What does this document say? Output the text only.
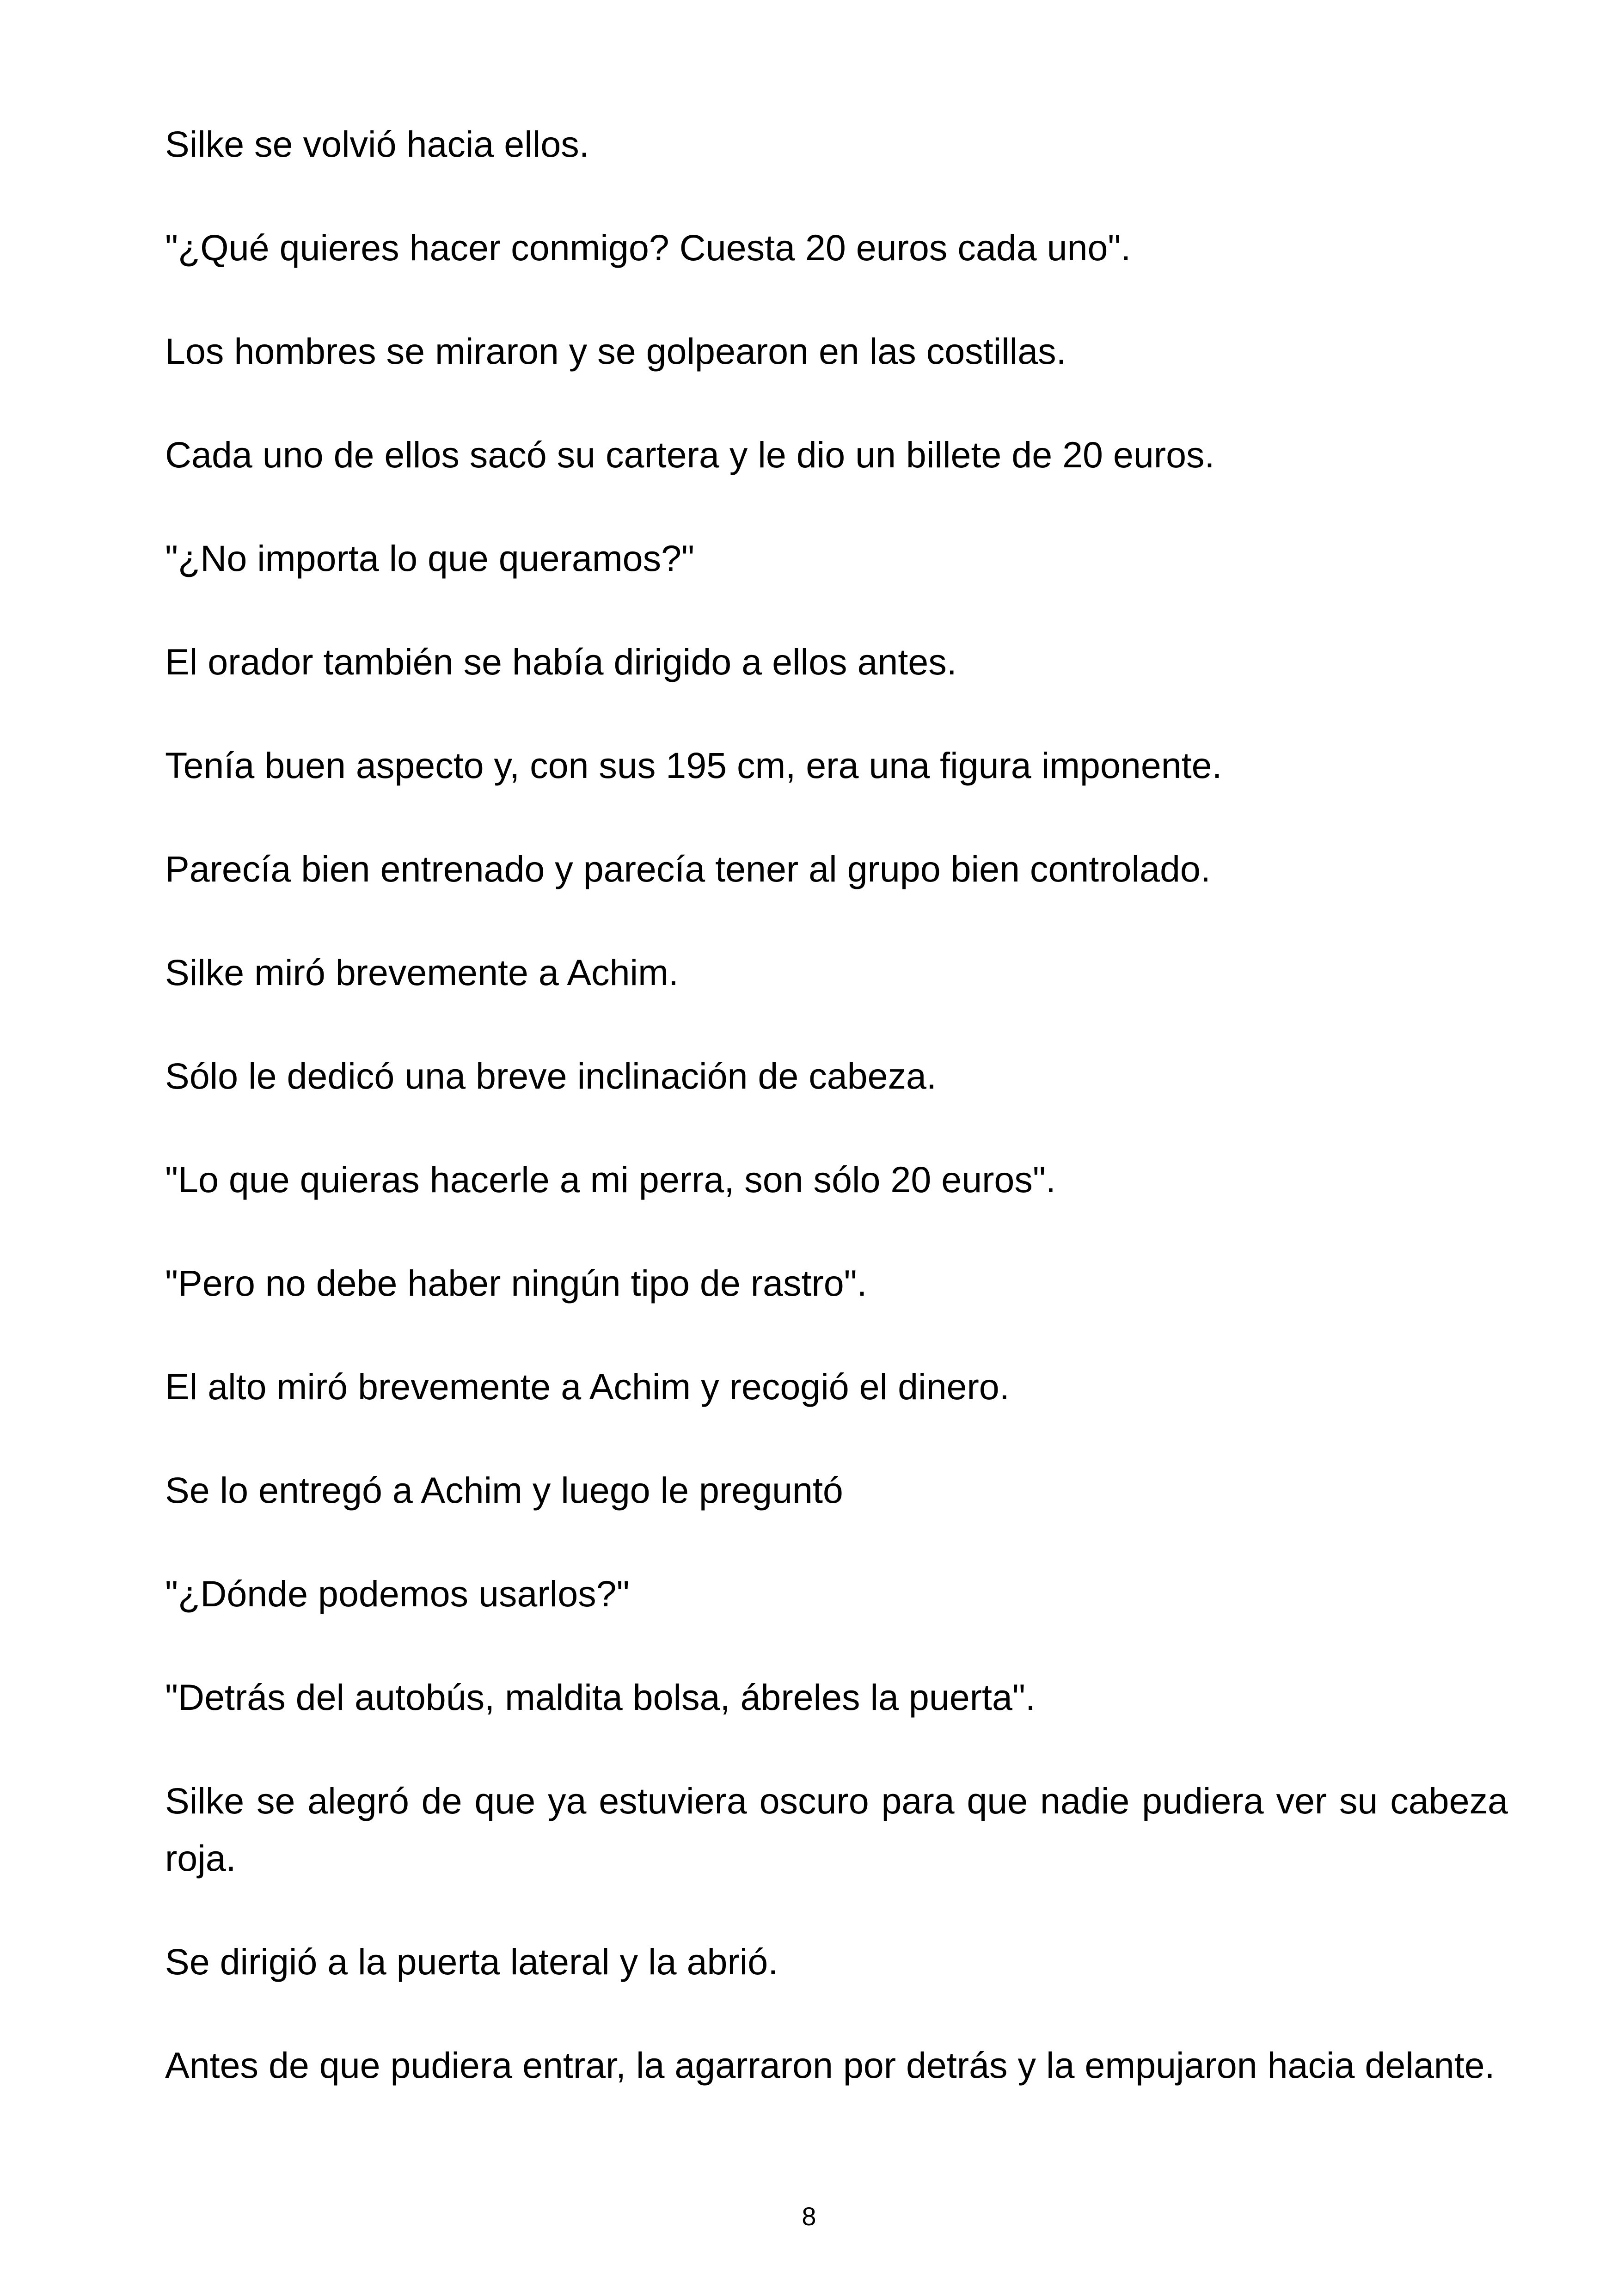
Silke se volvió hacia ellos.

"¿Qué quieres hacer conmigo? Cuesta 20 euros cada uno".

Los hombres se miraron y se golpearon en las costillas.

Cada uno de ellos sacó su cartera y le dio un billete de 20 euros.

"¿No importa lo que queramos?"

El orador también se había dirigido a ellos antes.

Tenía buen aspecto y, con sus 195 cm, era una figura imponente.

Parecía bien entrenado y parecía tener al grupo bien controlado.

Silke miró brevemente a Achim.

Sólo le dedicó una breve inclinación de cabeza.

"Lo que quieras hacerle a mi perra, son sólo 20 euros".

"Pero no debe haber ningún tipo de rastro".

El alto miró brevemente a Achim y recogió el dinero.

Se lo entregó a Achim y luego le preguntó

"¿Dónde podemos usarlos?"

"Detrás del autobús, maldita bolsa, ábreles la puerta".

Silke se alegró de que ya estuviera oscuro para que nadie pudiera ver su cabeza roja.

Se dirigió a la puerta lateral y la abrió.

Antes de que pudiera entrar, la agarraron por detrás y la empujaron hacia delante.

8
